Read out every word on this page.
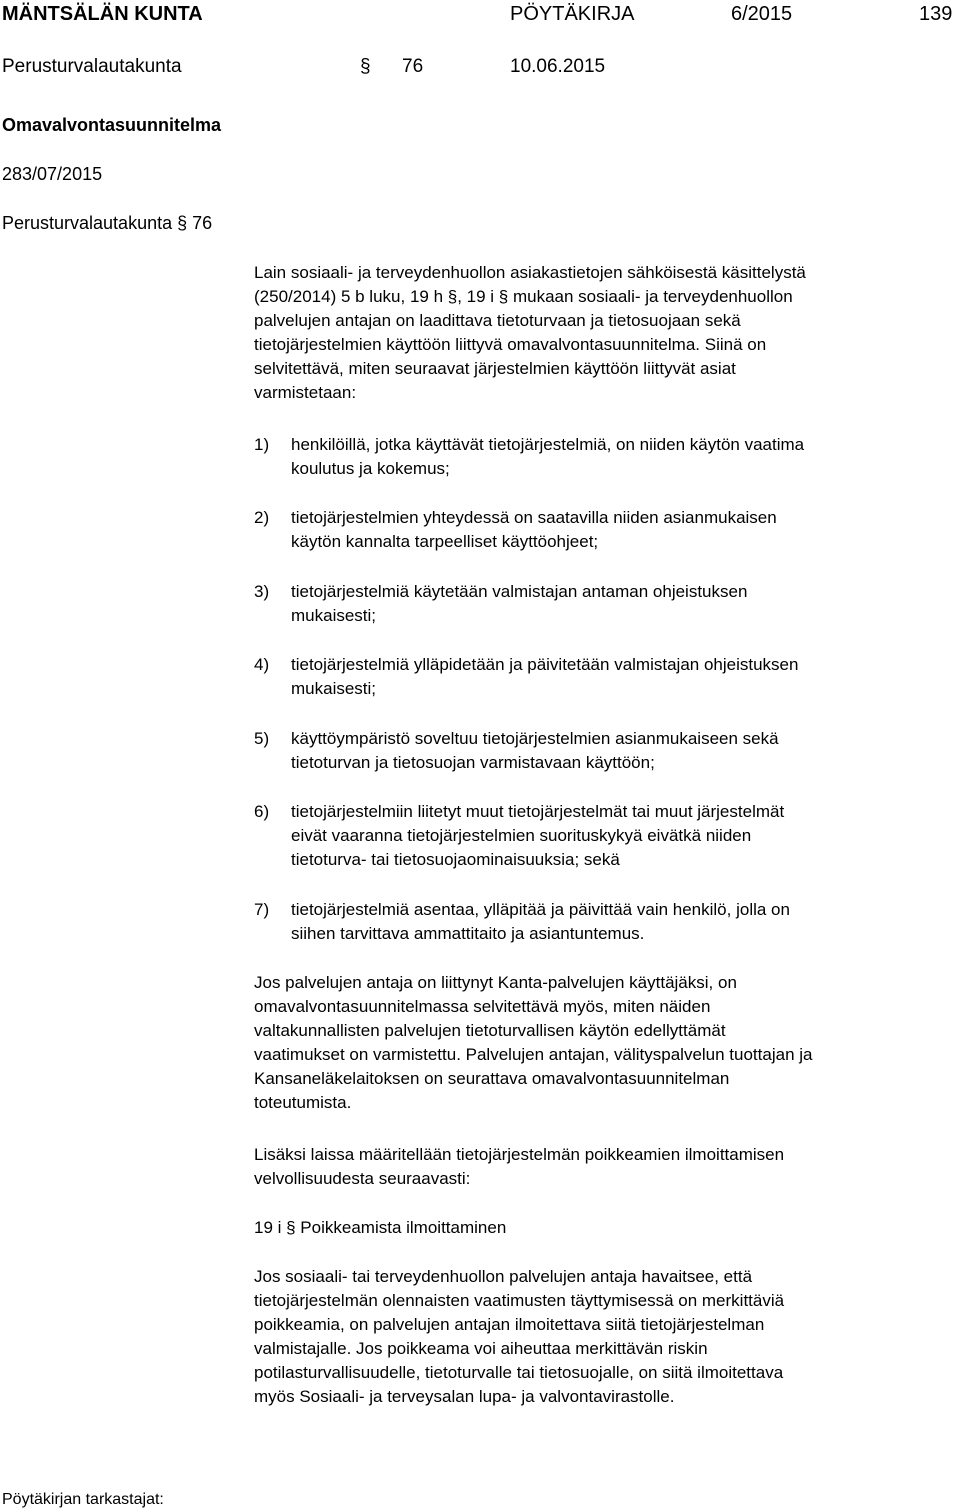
MÄNTSÄLÄN KUNTA	PÖYTÄKIRJA	6/2015	139
Perusturvalautakunta	§ 76	10.06.2015
Omavalvontasuunnitelma
283/07/2015
Perusturvalautakunta § 76
Lain sosiaali- ja terveydenhuollon asiakastietojen sähköisestä käsittelystä
(250/2014) 5 b luku, 19 h §, 19 i § mukaan sosiaali- ja terveydenhuollon
palvelujen antajan on laadittava tietoturvaan ja tietosuojaan sekä
tietojärjestelmien käyttöön liittyvä omavalvontasuunnitelma. Siinä on
selvitettävä, miten seuraavat järjestelmien käyttöön liittyvät asiat
varmistetaan:
1) henkilöillä, jotka käyttävät tietojärjestelmiä, on niiden käytön vaatima
koulutus ja kokemus;
2) tietojärjestelmien yhteydessä on saatavilla niiden asianmukaisen
käytön kannalta tarpeelliset käyttöohjeet;
3) tietojärjestelmiä käytetään valmistajan antaman ohjeistuksen
mukaisesti;
4) tietojärjestelmiä ylläpidetään ja päivitetään valmistajan ohjeistuksen
mukaisesti;
5) käyttöympäristö soveltuu tietojärjestelmien asianmukaiseen sekä
tietoturvan ja tietosuojan varmistavaan käyttöön;
6) tietojärjestelmiin liitetyt muut tietojärjestelmät tai muut järjestelmät
eivät vaaranna tietojärjestelmien suorituskykyä eivätkä niiden
tietoturva- tai tietosuojaominaisuuksia; sekä
7) tietojärjestelmiä asentaa, ylläpitää ja päivittää vain henkilö, jolla on
siihen tarvittava ammattitaito ja asiantuntemus.
Jos palvelujen antaja on liittynyt Kanta-palvelujen käyttäjäksi, on
omavalvontasuunnitelmassa selvitettävä myös, miten näiden
valtakunnallisten palvelujen tietoturvallisen käytön edellyttämät
vaatimukset on varmistettu. Palvelujen antajan, välityspalvelun tuottajan ja
Kansaneläkelaitoksen on seurattava omavalvontasuunnitelman
toteutumista.
Lisäksi laissa määritellään tietojärjestelmän poikkeamien ilmoittamisen
velvollisuudesta seuraavasti:
19 i § Poikkeamista ilmoittaminen
Jos sosiaali- tai terveydenhuollon palvelujen antaja havaitsee, että
tietojärjestelmän olennaisten vaatimusten täyttymisessä on merkittäviä
poikkeamia, on palvelujen antajan ilmoitettava siitä tietojärjestelman
valmistajalle. Jos poikkeama voi aiheuttaa merkittävän riskin
potilasturvallisuudelle, tietoturvalle tai tietosuojalle, on siitä ilmoitettava
myös Sosiaali- ja terveysalan lupa- ja valvontavirastolle.
Pöytäkirjan tarkastajat:
